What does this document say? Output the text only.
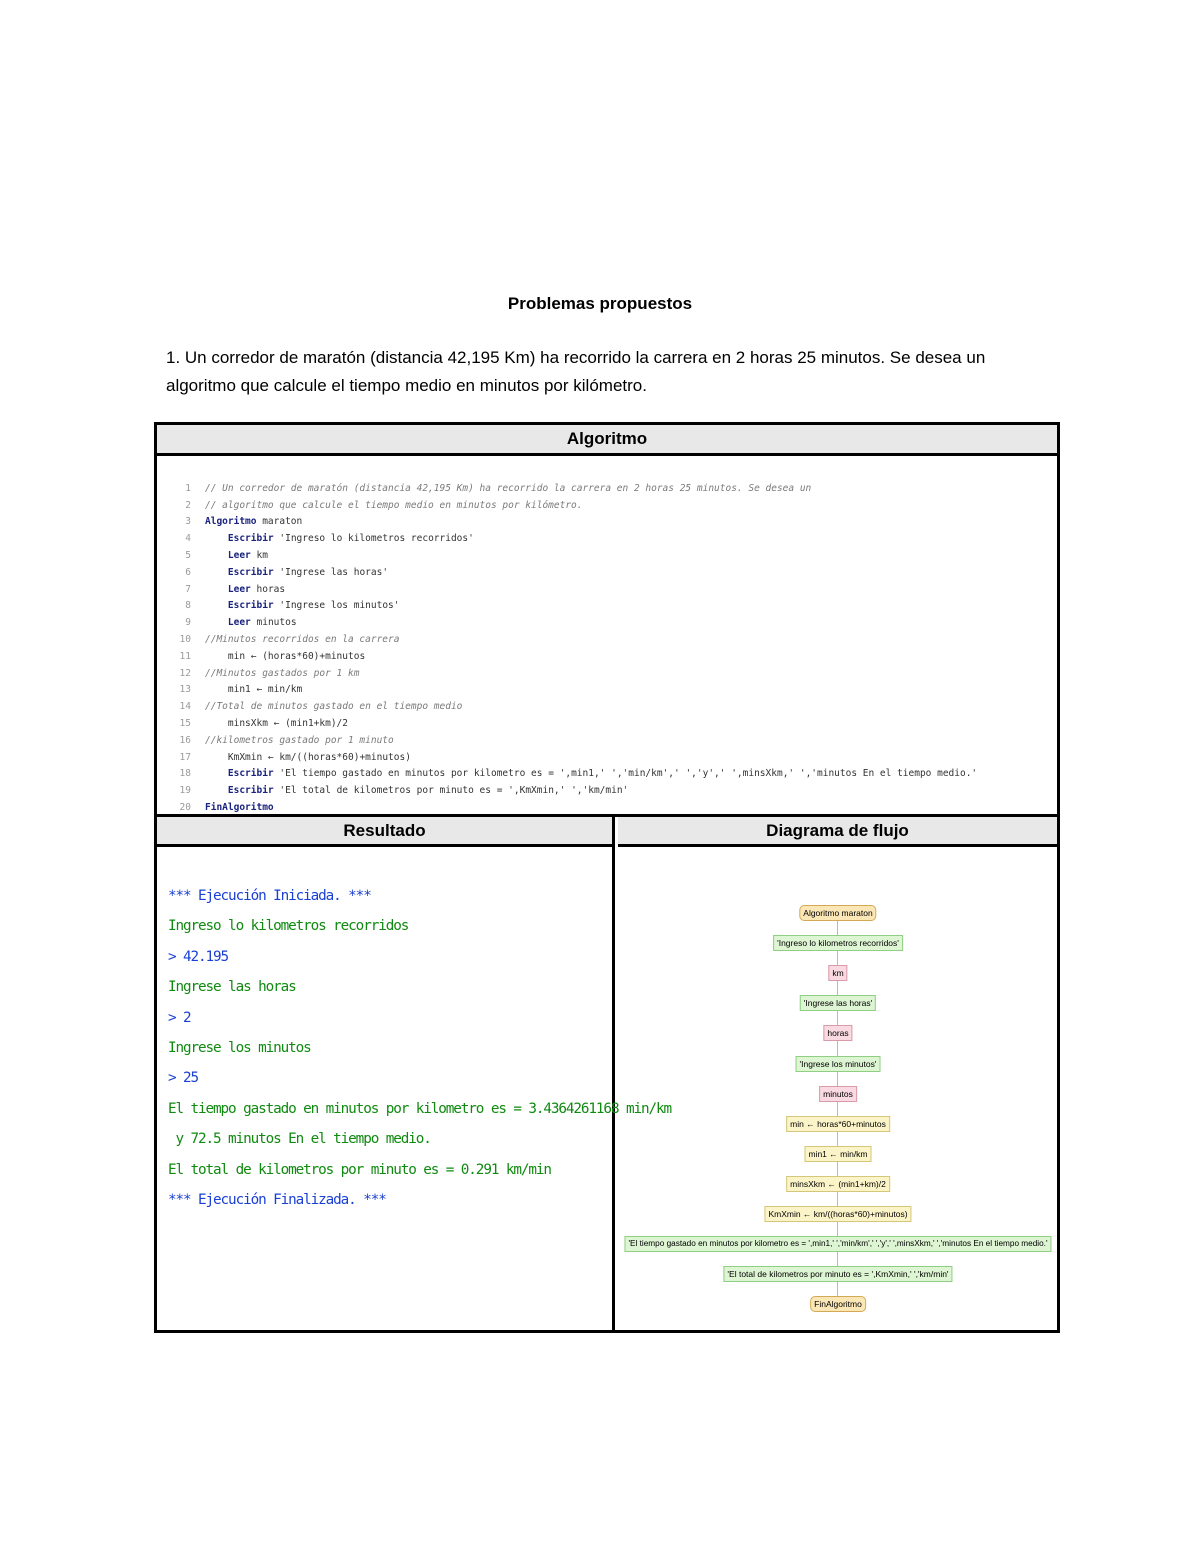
Problemas propuestos

1. Un corredor de maratón (distancia 42,195 Km) ha recorrido la carrera en 2 horas 25 minutos. Se desea un algoritmo que calcule el tiempo medio en minutos por kilómetro.

Algoritmo
1 // Un corredor de maratón (distancia 42,195 Km) ha recorrido la carrera en 2 horas 25 minutos. Se desea un
2 // algoritmo que calcule el tiempo medio en minutos por kilómetro.
3 Algoritmo maraton
4
	Escribir 'Ingreso lo kilometros recorridos'
5
	Leer km
6
	Escribir 'Ingrese las horas'
7
	Leer horas
8
	Escribir 'Ingrese los minutos'
9
	Leer minutos
10 //Minutos recorridos en la carrera
11
	min ← (horas*60)+minutos
12 //Minutos gastados por 1 km
13
	min1 ← min/km
14 //Total de minutos gastado en el tiempo medio
15
	minsXkm ← (min1+km)/2
16 //kilometros gastado por 1 minuto
17
	KmXmin ← km/((horas*60)+minutos)
18
	Escribir 'El tiempo gastado en minutos por kilometro es = ',min1,' ','min/km',' ','y',' ',minsXkm,' ','minutos En el tiempo medio.'
19
	Escribir 'El total de kilometros por minuto es = ',KmXmin,' ','km/min'
20 FinAlgoritmo
Resultado	Diagrama de flujo
*** Ejecución Iniciada. ***
Ingreso lo kilometros recorridos
> 42.195
Ingrese las horas
> 2
Ingrese los minutos
> 25
El tiempo gastado en minutos por kilometro es = 3.4364261168 min/km
y 72.5 minutos En el tiempo medio.
El total de kilometros por minuto es = 0.291 km/min
*** Ejecución Finalizada. ***
Algoritmo maraton
'Ingreso lo kilometros recorridos'
km
'Ingrese las horas'
horas
'Ingrese los minutos'
minutos
min ← horas*60+minutos
min1 ← min/km
minsXkm ← (min1+km)/2
KmXmin ← km/((horas*60)+minutos)
'El tiempo gastado en minutos por kilometro es = ',min1,' ','min/km',' ','y',' ',minsXkm,' ','minutos En el tiempo medio.'
'El total de kilometros por minuto es = ',KmXmin,' ','km/min'
FinAlgoritmo
